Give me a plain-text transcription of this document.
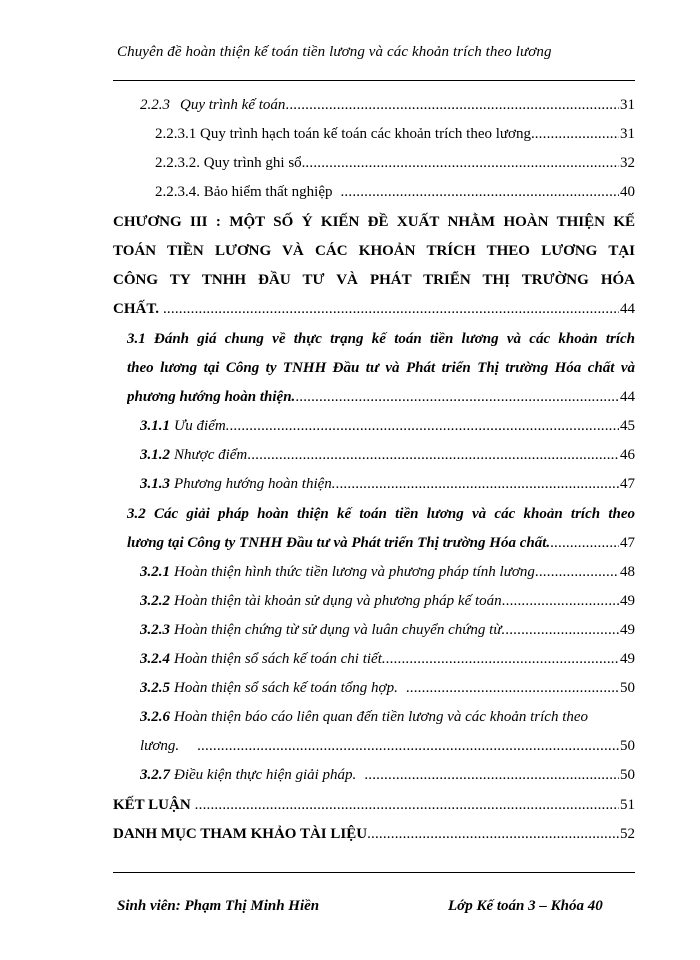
Chuyên đề hoàn thiện kế toán tiền lương và các khoản trích theo lương
2.2.3 Quy trình kế toán .....	31
2.2.3.1 Quy trình hạch toán kế toán các khoản trích theo lương. .....	31
2.2.3.2. Quy trình ghi sổ. .....	32
2.2.3.4. Bảo hiểm thất nghiệp .....	40
CHƯƠNG III : MỘT SỐ Ý KIẾN ĐỀ XUẤT NHẰM HOÀN THIỆN KẾ
TOÁN TIỀN LƯƠNG VÀ CÁC KHOẢN TRÍCH THEO LƯƠNG TẠI
CÔNG TY TNHH ĐẦU TƯ VÀ PHÁT TRIỂN THỊ TRƯỜNG HÓA
CHẤT. .....	44
3.1 Đánh giá chung về thực trạng kế toán tiền lương và các khoản trích
theo lương tại Công ty TNHH Đầu tư và Phát triển Thị trường Hóa chất và
phương hướng hoàn thiện. .....	44
3.1.1 Ưu điểm. .....	45
3.1.2 Nhược điểm .....	46
3.1.3 Phương hướng hoàn thiện. .....	47
3.2 Các giải pháp hoàn thiện kế toán tiền lương và các khoản trích theo
lương tại Công ty TNHH Đầu tư và Phát triển Thị trường Hóa chất. .....	47
3.2.1 Hoàn thiện hình thức tiền lương và phương pháp tính lương .....	48
3.2.2 Hoàn thiện tài khoản sử dụng và phương pháp kế toán .....	49
3.2.3 Hoàn thiện chứng từ sử dụng và luân chuyển chứng từ. .....	49
3.2.4 Hoàn thiện sổ sách kế toán chi tiết. .....	49
3.2.5 Hoàn thiện sổ sách kế toán tổng hợp. .....	50
3.2.6 Hoàn thiện báo cáo liên quan đến tiền lương và các khoản trích theo
lương. .....	50
3.2.7 Điều kiện thực hiện giải pháp. .....	50
KẾT LUẬN .....	51
DANH MỤC THAM KHẢO TÀI LIỆU .....	52
Sinh viên: Phạm Thị Minh Hiền	Lớp Kế toán 3 – Khóa 40
